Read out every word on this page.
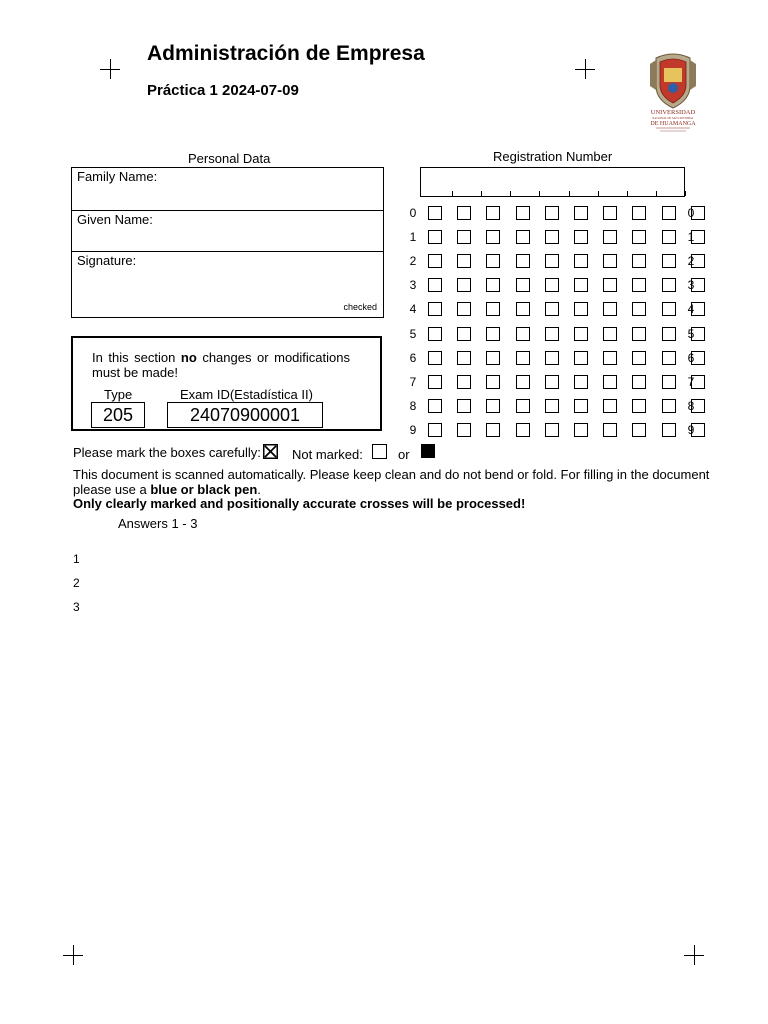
Administración de Empresa
Práctica 1 2024-07-09
UNIVERSIDAD
NACIONAL DE SAN CRISTÓBAL
DE HUAMANGA
Personal Data
Family Name:
Given Name:
Signature:
checked
In this section no changes or modifications must be made!
Type
205
Exam ID(Estadística II)
24070900001
Registration Number
0	0
1	1
2	2
3	3
4	4
5	5
6	6
7	7
8	8
9	9
Please mark the boxes carefully: Not marked:	or
This document is scanned automatically. Please keep clean and do not bend or fold. For filling in the document
please use a blue or black pen.
Only clearly marked and positionally accurate crosses will be processed!
Answers 1 - 3
1
2
3
